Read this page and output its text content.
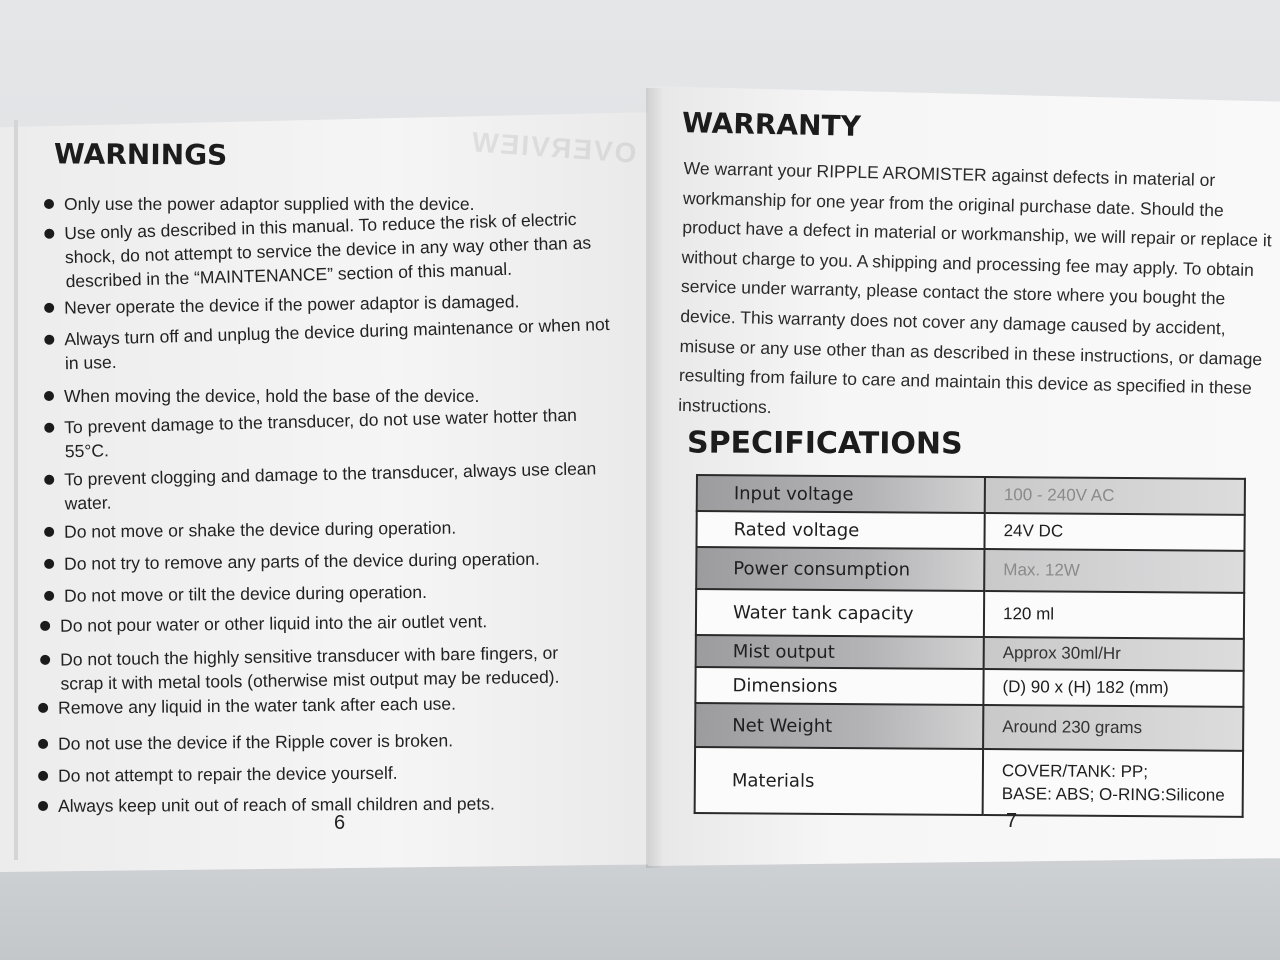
OVERVIEW
WARNINGS
Only use the power adaptor supplied with the device.
Use only as described in this manual. To reduce the risk of electric
shock, do not attempt to service the device in any way other than as
described in the “MAINTENANCE” section of this manual.
Never operate the device if the power adaptor is damaged.
Always turn off and unplug the device during maintenance or when not
in use.
When moving the device, hold the base of the device.
To prevent damage to the transducer, do not use water hotter than
55°C.
To prevent clogging and damage to the transducer, always use clean
water.
Do not move or shake the device during operation.
Do not try to remove any parts of the device during operation.
Do not move or tilt the device during operation.
Do not pour water or other liquid into the air outlet vent.
Do not touch the highly sensitive transducer with bare fingers, or
scrap it with metal tools (otherwise mist output may be reduced).
Remove any liquid in the water tank after each use.
Do not use the device if the Ripple cover is broken.
Do not attempt to repair the device yourself.
Always keep unit out of reach of small children and pets.
6
WARRANTY

We warrant your RIPPLE AROMISTER against defects in material or workmanship for one year from the original purchase date. Should the product have a defect in material or workmanship, we will repair or replace it without charge to you. A shipping and processing fee may apply. To obtain service under warranty, please contact the store where you bought the device. This warranty does not cover any damage caused by accident, misuse or any use other than as described in these instructions, or damage resulting from failure to care and maintain this device as specified in these instructions.

SPECIFICATIONS
Input voltage	100 - 240V AC
Rated voltage	24V DC
Power consumption	Max. 12W
Water tank capacity	120 ml
Mist output	Approx 30ml/Hr
Dimensions	(D) 90 x (H) 182 (mm)
Net Weight	Around 230 grams
Materials	COVER/TANK: PP;
BASE: ABS; O-RING:Silicone
7
